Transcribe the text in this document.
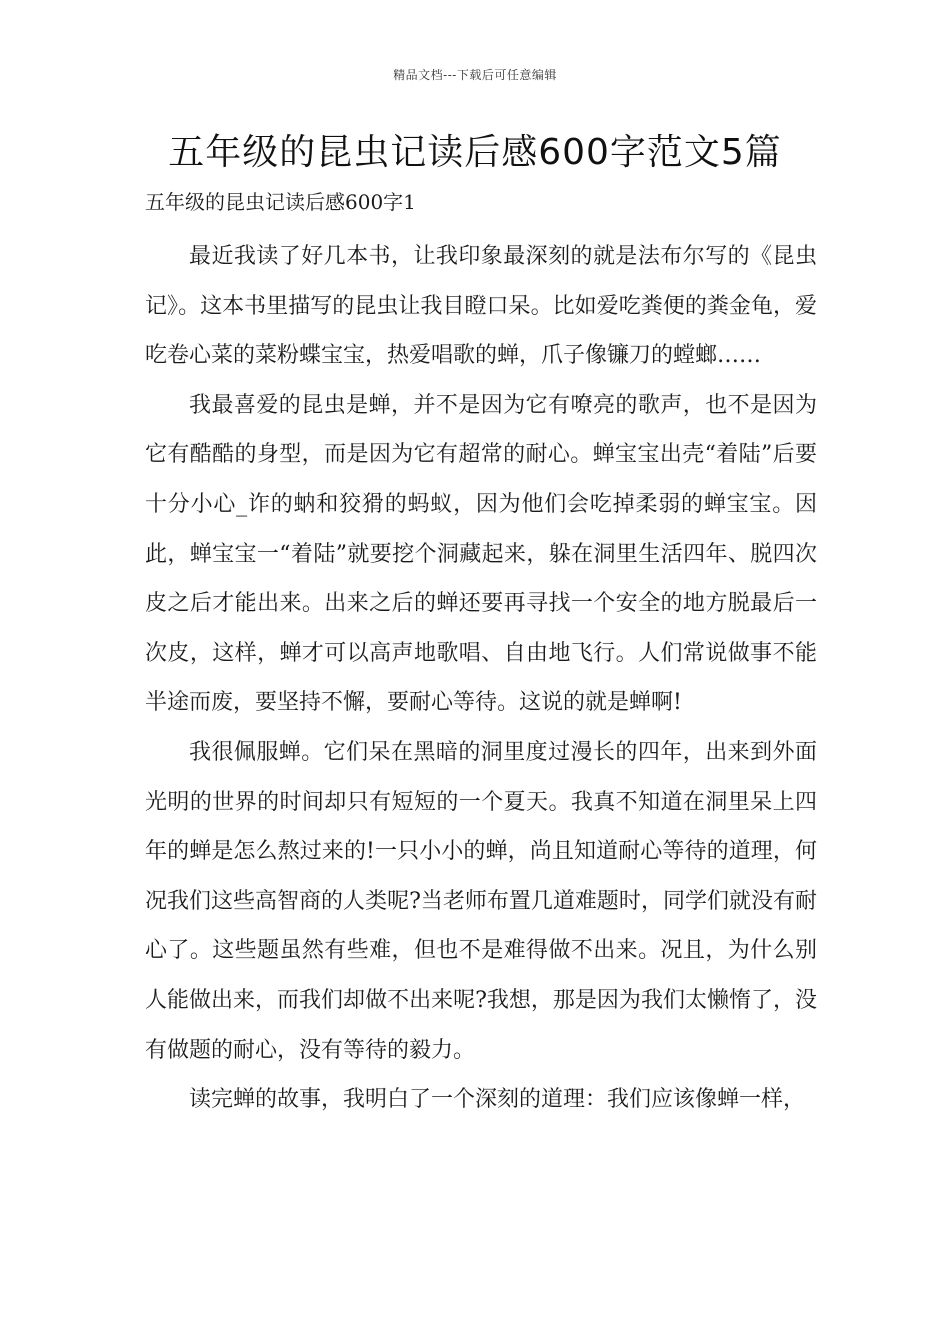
精品文档---下载后可任意编辑
五年级的昆虫记读后感600字范文5篇
五年级的昆虫记读后感600字1

最近我读了好几本书，让我印象最深刻的就是法布尔写的《昆虫记》。这本书里描写的昆虫让我目瞪口呆。比如爱吃粪便的粪金龟，爱吃卷心菜的菜粉蝶宝宝，热爱唱歌的蝉，爪子像镰刀的螳螂……

我最喜爱的昆虫是蝉，并不是因为它有嘹亮的歌声，也不是因为它有酷酷的身型，而是因为它有超常的耐心。蝉宝宝出壳“着陆”后要十分小心_诈的蚋和狡猾的蚂蚁，因为他们会吃掉柔弱的蝉宝宝。因此，蝉宝宝一“着陆”就要挖个洞藏起来，躲在洞里生活四年、脱四次皮之后才能出来。出来之后的蝉还要再寻找一个安全的地方脱最后一次皮，这样，蝉才可以高声地歌唱、自由地飞行。人们常说做事不能半途而废，要坚持不懈，要耐心等待。这说的就是蝉啊!

我很佩服蝉。它们呆在黑暗的洞里度过漫长的四年，出来到外面光明的世界的时间却只有短短的一个夏天。我真不知道在洞里呆上四年的蝉是怎么熬过来的!一只小小的蝉，尚且知道耐心等待的道理，何况我们这些高智商的人类呢?当老师布置几道难题时，同学们就没有耐心了。这些题虽然有些难，但也不是难得做不出来。况且，为什么别人能做出来，而我们却做不出来呢?我想，那是因为我们太懒惰了，没有做题的耐心，没有等待的毅力。

读完蝉的故事，我明白了一个深刻的道理：我们应该像蝉一样，
